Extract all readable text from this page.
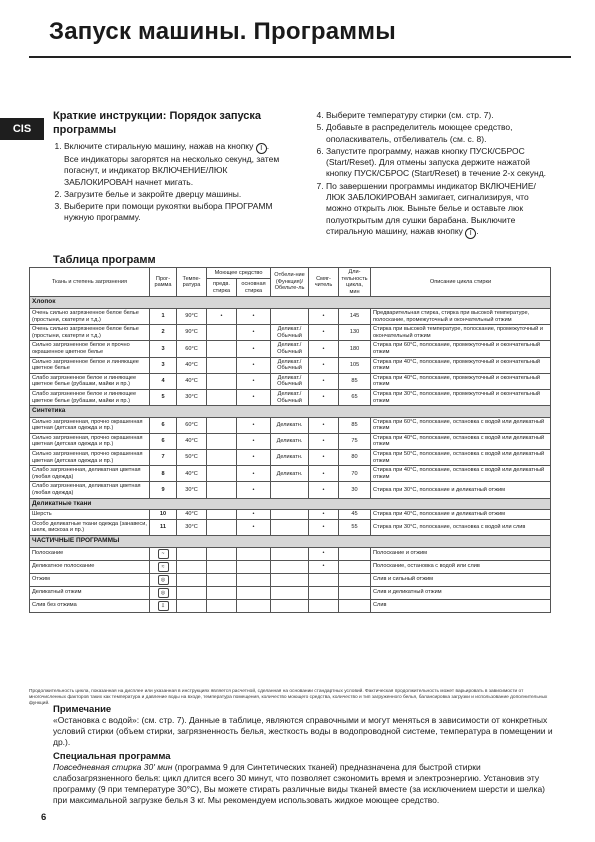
Запуск машины. Программы
CIS
Краткие инструкции: Порядок запуска программы
1. Включите стиральную машину, нажав на кнопку I . Все индикаторы загорятся на несколько секунд, затем погаснут, и индикатор ВКЛЮЧЕНИЕ/ЛЮК ЗАБЛОКИРОВАН начнет мигать.
2. Загрузите белье и закройте дверцу машины.
3. Выберите при помощи рукоятки выбора ПРОГРАММ нужную программу.
4. Выберите температуру стирки (см. стр. 7).
5. Добавьте в распределитель моющее средство, ополаскиватель, отбеливатель (см. с. 8).
6. Запустите программу, нажав кнопку ПУСК/СБРОС (Start/Reset). Для отмены запуска держите нажатой кнопку ПУСК/СБРОС (Start/Reset) в течение 2-х секунд.
7. По завершении программы индикатор ВКЛЮЧЕНИЕ/ЛЮК ЗАБЛОКИРОВАН замигает, сигнализируя, что можно открыть люк. Выньте белье и оставьте люк полуоткрытым для сушки барабана. Выключите стиральную машину, нажав кнопку I .
Таблица программ
Ткань и степень загрязнения	Прог-рамма	Темпе-ратура	Моющее средство		Отбели-ние (Функция)/ Обельте-ль	Смяг-читель	Дли-тельность цикла, мин	Описание цикла стирки
			предв. стирка	основная стирка				
Хлопок								
Очень сильно загрязненное белое белье (простыни, скатерти и т.д.)	1	90°C	•	•		•	145	Предварительная стирка, стирка при высокой температуре, полоскание, промежуточный и окончательный отжим
Очень сильно загрязненное белое белье (простыни, скатерти и т.д.)	2	90°C		•	Деликат./ Обычный	•	130	Стирка при высокой температуре, полоскание, промежуточный и окончательный отжим
Сильно загрязненное белое и прочно окрашенное цветное белье	3	60°C		•	Деликат./ Обычный	•	180	Стирка при 60°C, полоскание, промежуточный и окончательный отжим
Сильно загрязненное белое и линяющее цветное белье	3	40°C		•	Деликат./ Обычный	•	105	Стирка при 40°C, полоскание, промежуточный и окончательный отжим
Слабо загрязненное белое и линяющее цветное белье (рубашки, майки и пр.)	4	40°C		•	Деликат./ Обычный	•	85	Стирка при 40°C, полоскание, промежуточный и окончательный отжим
Слабо загрязненное белое и линяющее цветное белье (рубашки, майки и пр.)	5	30°C		•	Деликат./ Обычный	•	65	Стирка при 30°C, полоскание, промежуточный и окончательный отжим
Синтетика								
Сильно загрязненная, прочно окрашенная цветная (детская одежда и пр.)	6	60°C		•	Деликатн.	•	85	Стирка при 60°C, полоскание, остановка с водой или деликатный отжим
Сильно загрязненная, прочно окрашенная цветная (детская одежда и пр.)	6	40°C		•	Деликатн.	•	75	Стирка при 40°C, полоскание, остановка с водой или деликатный отжим
Сильно загрязненная, прочно окрашенная цветная (детская одежда и пр.)	7	50°C		•	Деликатн.	•	80	Стирка при 50°C, полоскание, остановка с водой или деликатный отжим
Слабо загрязненная, деликатная цветная (любая одежда)	8	40°C		•	Деликатн.	•	70	Стирка при 40°C, полоскание, остановка с водой или деликатный отжим
Слабо загрязненная, деликатная цветная (любая одежда)	9	30°C		•		•	30	Стирка при 30°C, полоскание и деликатный отжим
Деликатные ткани								
Шерсть	10	40°C		•		•	45	Стирка при 40°C, полоскание и деликатный отжим
Особо деликатные ткани одежда (занавеси, шелк, вискоза и пр.)	11	30°C		•		•	55	Стирка при 30°C, полоскание, остановка с водой или слив
ЧАСТИЧНЫЕ ПРОГРАММЫ								
Полоскание	~					•		Полоскание и отжим
Деликатное полоскание	≈					•		Полоскание, остановка с водой или слив
Отжим	◎							Слив и сильный отжим
Деликатный отжим	◎							Слив и деликатный отжим
Слив без отжима	⇩							Слив
Продолжительность цикла, показанная на дисплее или указанная в инструкциях является расчетной, сделанная на основании стандартных условий. Фактическая продолжительность может варьировать в зависимости от многочисленных факторов таких как температура и давление воды на входе, температура помещения, количество моющего средства, количество и тип загруженного белья, балансировка загрузки и использование дополнительных функций.
Примечание

«Остановка с водой»: (см. стр. 7). Данные в таблице, являются справочными и могут меняться в зависимости от конкретных условий стирки (объем стирки, загрязненность белья, жесткость воды в водопроводной системе, температура в помещении и др.).

Специальная программа

Повседневная стирка 30' мин (программа 9 для Синтетических тканей) предназначена для быстрой стирки слабозагрязненного белья: цикл длится всего 30 минут, что позволяет сэкономить время и электроэнергию. Установив эту программу (9 при температуре 30°C), Вы можете стирать различные виды тканей вместе (за исключением шерсти и шелка) при максимальной загрузке белья 3 кг. Мы рекомендуем использовать жидкое моющее средство.

6
